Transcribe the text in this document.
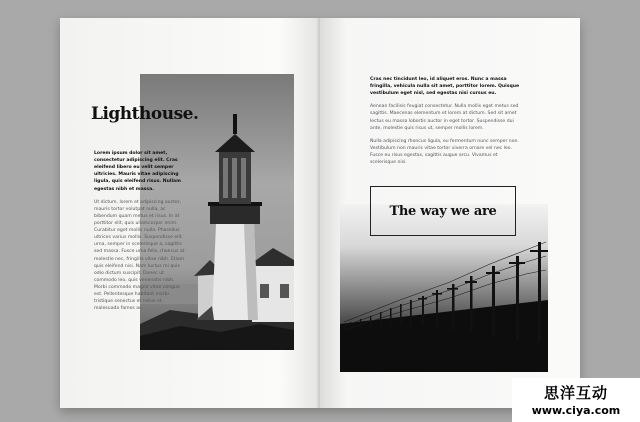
Lighthouse.

Lorem ipsum dolor sit amet, consectetur adipiscing elit. Cras eleifend libero eu velit semper ultricies. Mauris vitae adipiscing ligula, quis eleifend risus. Nullam egestas nibh et massa.

Ut dictum, lorem et adipiscing auctor, mauris tortor volutpat nulla, ac bibendum quam metus et risus. In at porttitor elit, quis ullamcorper enim. Curabitur eget mollis nulla. Phasellus ultrices varius mollis. Suspendisse elit urna, semper in scelerisque a, sagittis sed massa. Fusce urna felis, rhoncus at molestie nec, fringilla vitae nibh. Etiam quis eleifend nisi. Nam luctus mi quis odio dictum suscipit. Donec ut commodo leo, quis venenatis nibh. Morbi commodo magna vitae congue est. Pellentesque habitant morbi tristique senectus et netus et malesuada fames ac.

Cras nec tincidunt leo, id aliquet eros. Nunc a massa fringilla, vehicula nulla sit amet, porttitor lorem. Quisque vestibulum eget nisl, sed egestas nisi cursus eu.

Aenean facilisis feugiat consectetur. Nulla mollis eget metus sed sagittis. Maecenas elementum et lorem at dictum. Sed sit amet lectus eu massa lobortis auctor in eget tortor. Suspendisse dui ante, molestie quis risus ut, semper mollis lorem.

Nulla adipiscing rhoncus ligula, eu fermentum nunc semper non. Vestibulum non mauris vitae tortor viverra ornare vel nec leo. Fusce eu risus egestas, sagittis augue arcu. Vivamus et scelerisque nisi.

The way we are
思洋互动
www.ciya.com
